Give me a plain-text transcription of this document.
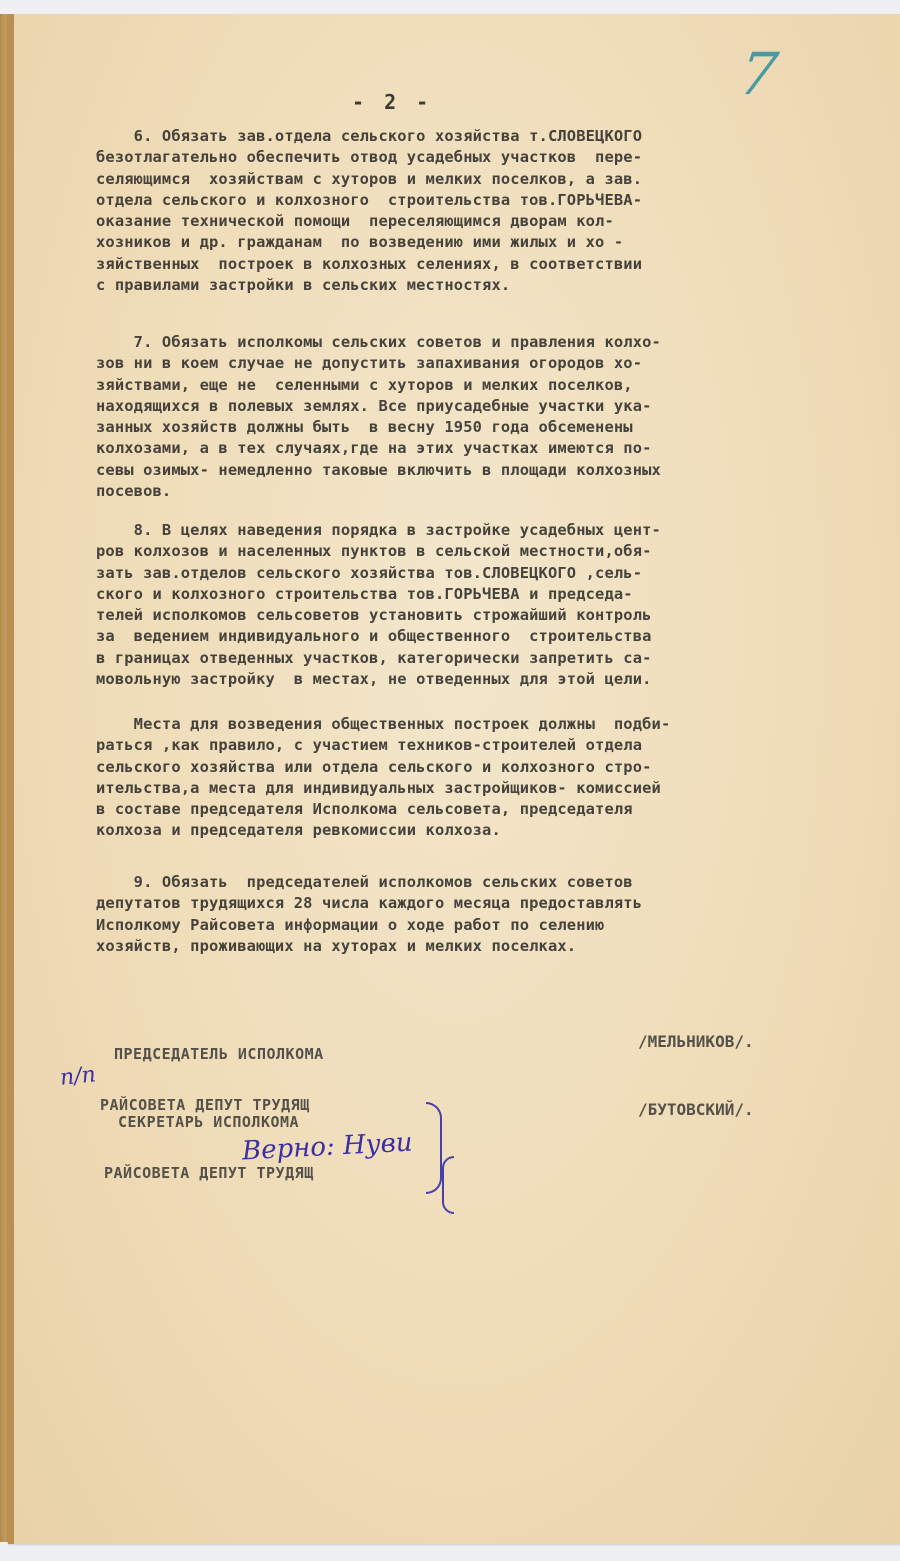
- 2 -	7
6. Обязать зав.отдела сельского хозяйства т.СЛОВЕЦКОГО
безотлагательно обеспечить отвод усадебных участков  пере-
селяющимся  хозяйствам с хуторов и мелких поселков, а зав.
отдела сельского и колхозного  строительства тов.ГОРЬЧЕВА-
оказание технической помощи  переселяющимся дворам кол-
хозников и др. гражданам  по возведению ими жилых и хо -
зяйственных  построек в колхозных селениях, в соответствии
с правилами застройки в сельских местностях.
7. Обязать исполкомы сельских советов и правления колхо-
зов ни в коем случае не допустить запахивания огородов хо-
зяйствами, еще не  селенными с хуторов и мелких поселков,
находящихся в полевых землях. Все приусадебные участки ука-
занных хозяйств должны быть  в весну 1950 года обсеменены
колхозами, а в тех случаях,где на этих участках имеются по-
севы озимых- немедленно таковые включить в площади колхозных
посевов.
8. В целях наведения порядка в застройке усадебных цент-
ров колхозов и населенных пунктов в сельской местности,обя-
зать зав.отделов сельского хозяйства тов.СЛОВЕЦКОГО ,сель-
ского и колхозного строительства тов.ГОРЬЧЕВА и председа-
телей исполкомов сельсоветов установить строжайший контроль
за  ведением индивидуального и общественного  строительства
в границах отведенных участков, категорически запретить са-
мовольную застройку  в местах, не отведенных для этой цели.
Места для возведения общественных построек должны  подби-
раться ,как правило, с участием техников-строителей отдела
сельского хозяйства или отдела сельского и колхозного стро-
ительства,а места для индивидуальных застройщиков- комиссией
в составе председателя Исполкома сельсовета, председателя
колхоза и председателя ревкомиссии колхоза.
9. Обязать  председателей исполкомов сельских советов
депутатов трудящихся 28 числа каждого месяца предоставлять
Исполкому Райсовета информации о ходе работ по селению
хозяйств, проживающих на хуторах и мелких поселках.

ПРЕДСЕДАТЕЛЬ ИСПОЛКОМА

РАЙСОВЕТА ДЕПУТ ТРУДЯЩ

/МЕЛЬНИКОВ/.

СЕКРЕТАРЬ ИСПОЛКОМА

РАЙСОВЕТА ДЕПУТ ТРУДЯЩ

/БУТОВСКИЙ/.
п/п
Верно: Нуви
